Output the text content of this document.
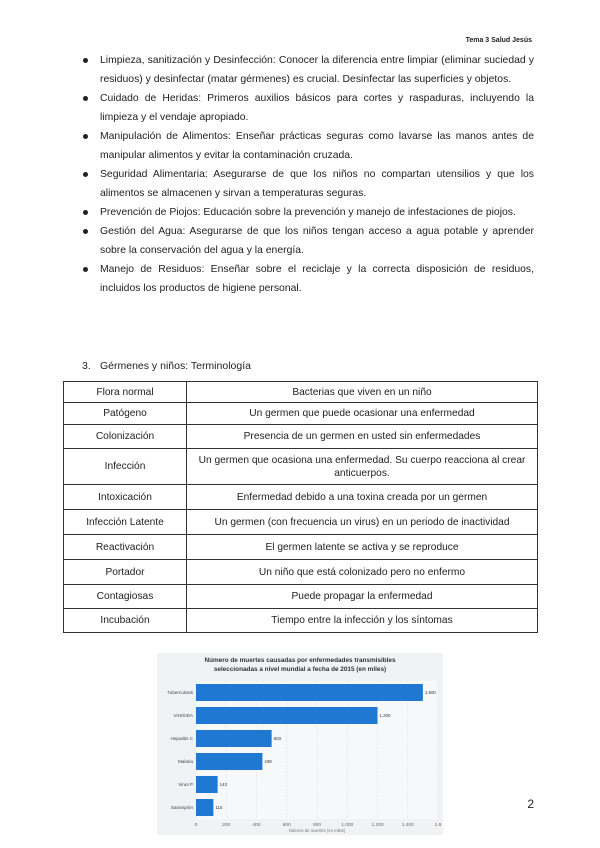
Tema 3 Salud Jesús
Limpieza, sanitización y Desinfección: Conocer la diferencia entre limpiar (eliminar suciedad y residuos) y desinfectar (matar gérmenes) es crucial. Desinfectar las superficies y objetos.
Cuidado de Heridas: Primeros auxilios básicos para cortes y raspaduras, incluyendo la limpieza y el vendaje apropiado.
Manipulación de Alimentos: Enseñar prácticas seguras como lavarse las manos antes de manipular alimentos y evitar la contaminación cruzada.
Seguridad Alimentaria: Asegurarse de que los niños no compartan utensilios y que los alimentos se almacenen y sirvan a temperaturas seguras.
Prevención de Piojos: Educación sobre la prevención y manejo de infestaciones de piojos.
Gestión del Agua: Asegurarse de que los niños tengan acceso a agua potable y aprender sobre la conservación del agua y la energía.
Manejo de Residuos: Enseñar sobre el reciclaje y la correcta disposición de residuos, incluidos los productos de higiene personal.
3. Gérmenes y niños: Terminología
Flora normal	Bacterias que viven en un niño
Patógeno	Un germen que puede ocasionar una enfermedad
Colonización	Presencia de un germen en usted sin enfermedades
Infección	Un germen que ocasiona una enfermedad. Su cuerpo reacciona al crear anticuerpos.
Intoxicación	Enfermedad debido a una toxina creada por un germen
Infección Latente	Un germen (con frecuencia un virus) en un periodo de inactividad
Reactivación	El germen latente se activa y se reproduce
Portador	Un niño que está colonizado pero no enfermo
Contagiosas	Puede propagar la enfermedad
Incubación	Tiempo entre la infección y los síntomas
Número de muertes causadas por enfermedades transmisibles
seleccionadas a nivel mundial a fecha de 2015 (en miles)
0	200	400	600	800	1.000	1.200	1.400	1.6
Tuberculosis	1.500
VIH/SIDA	1.200
Hepatitis C	503
Malaria	439
Virus P	143
Sarampión	115
Número de muertes (en miles)
2
